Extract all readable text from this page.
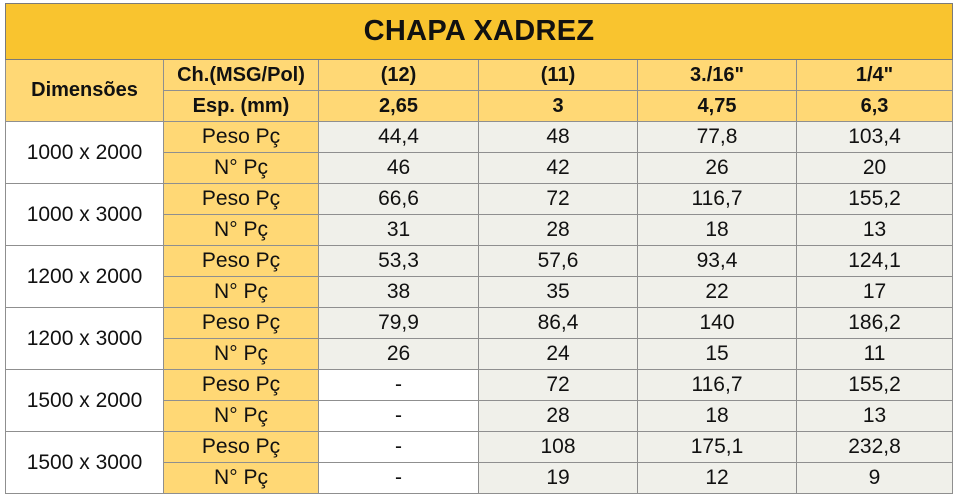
CHAPA XADREZ					
Dimensões	Ch.(MSG/Pol)	(12)	(11)	3./16"	1/4"
	Esp. (mm)	2,65	3	4,75	6,3
1000 x 2000	Peso Pç	44,4	48	77,8	103,4
	N° Pç	46	42	26	20
1000 x 3000	Peso Pç	66,6	72	116,7	155,2
	N° Pç	31	28	18	13
1200 x 2000	Peso Pç	53,3	57,6	93,4	124,1
	N° Pç	38	35	22	17
1200 x 3000	Peso Pç	79,9	86,4	140	186,2
	N° Pç	26	24	15	11
1500 x 2000	Peso Pç	-	72	116,7	155,2
	N° Pç	-	28	18	13
1500 x 3000	Peso Pç	-	108	175,1	232,8
	N° Pç	-	19	12	9
